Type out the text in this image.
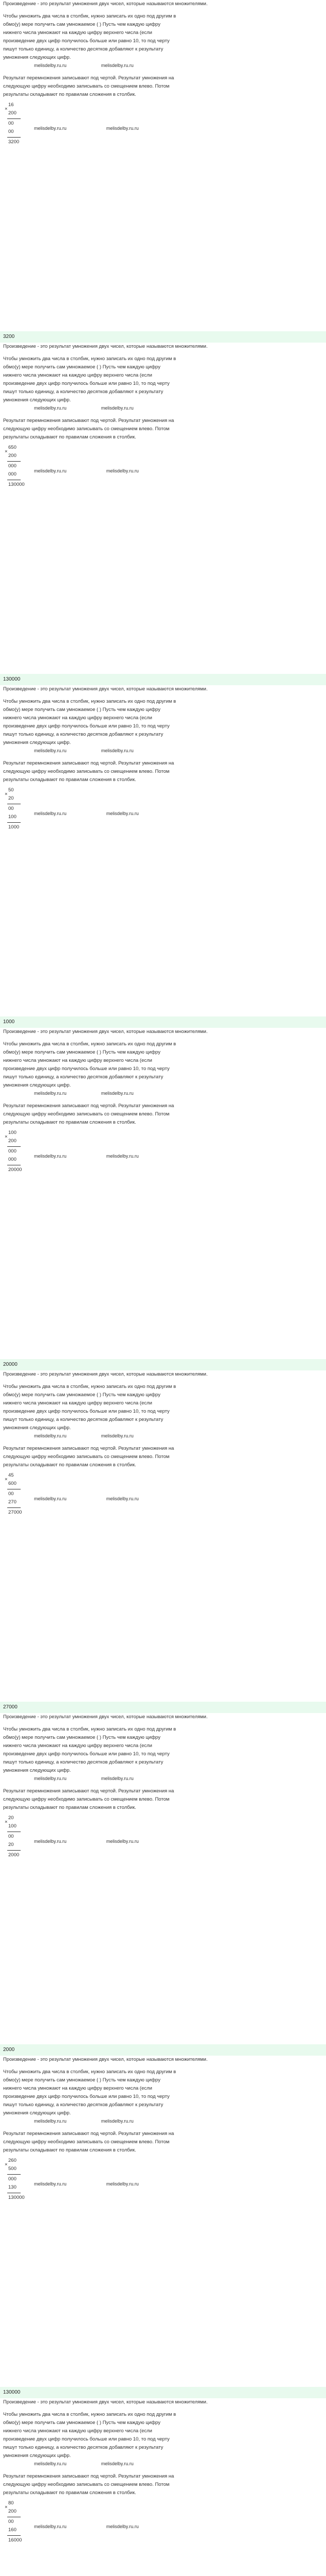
Произведение - это результат умножения двух чисел, которые называются множителями.

Чтобы умножить два числа в столбик, нужно записать их одно под другим в

обмо(у) мере получить сам умножаемое ( ) Пусть чем каждую цифру

нижнего числа умножают на каждую цифру верхнего числа (если

произведение двух цифр получилось больше или равно 10, то под черту

пишут только единицу, а количество десятков добавляют к результату

умножения следующих цифр.

melisdelby.ru.ru	melisdelby.ru.ru

Результат перемножения записывают под чертой. Результат умножения на

следующую цифру необходимо записывать со смещением влево. Потом

результаты складывают по правилам сложения в столбик.

×
16
200
00
00
3200
melisdelby.ru.ru	melisdelby.ru.ru
3200

Произведение - это результат умножения двух чисел, которые называются множителями.

Чтобы умножить два числа в столбик, нужно записать их одно под другим в

обмо(у) мере получить сам умножаемое ( ) Пусть чем каждую цифру

нижнего числа умножают на каждую цифру верхнего числа (если

произведение двух цифр получилось больше или равно 10, то под черту

пишут только единицу, а количество десятков добавляют к результату

умножения следующих цифр.

melisdelby.ru.ru	melisdelby.ru.ru

Результат перемножения записывают под чертой. Результат умножения на

следующую цифру необходимо записывать со смещением влево. Потом

результаты складывают по правилам сложения в столбик.

×
650
200
000
000
130000
melisdelby.ru.ru	melisdelby.ru.ru
130000

Произведение - это результат умножения двух чисел, которые называются множителями.

Чтобы умножить два числа в столбик, нужно записать их одно под другим в

обмо(у) мере получить сам умножаемое ( ) Пусть чем каждую цифру

нижнего числа умножают на каждую цифру верхнего числа (если

произведение двух цифр получилось больше или равно 10, то под черту

пишут только единицу, а количество десятков добавляют к результату

умножения следующих цифр.

melisdelby.ru.ru	melisdelby.ru.ru

Результат перемножения записывают под чертой. Результат умножения на

следующую цифру необходимо записывать со смещением влево. Потом

результаты складывают по правилам сложения в столбик.

×
50
20
00
100
1000
melisdelby.ru.ru	melisdelby.ru.ru
1000

Произведение - это результат умножения двух чисел, которые называются множителями.

Чтобы умножить два числа в столбик, нужно записать их одно под другим в

обмо(у) мере получить сам умножаемое ( ) Пусть чем каждую цифру

нижнего числа умножают на каждую цифру верхнего числа (если

произведение двух цифр получилось больше или равно 10, то под черту

пишут только единицу, а количество десятков добавляют к результату

умножения следующих цифр.

melisdelby.ru.ru	melisdelby.ru.ru

Результат перемножения записывают под чертой. Результат умножения на

следующую цифру необходимо записывать со смещением влево. Потом

результаты складывают по правилам сложения в столбик.

×
100
200
000
000
20000
melisdelby.ru.ru	melisdelby.ru.ru
20000

Произведение - это результат умножения двух чисел, которые называются множителями.

Чтобы умножить два числа в столбик, нужно записать их одно под другим в

обмо(у) мере получить сам умножаемое ( ) Пусть чем каждую цифру

нижнего числа умножают на каждую цифру верхнего числа (если

произведение двух цифр получилось больше или равно 10, то под черту

пишут только единицу, а количество десятков добавляют к результату

умножения следующих цифр.

melisdelby.ru.ru	melisdelby.ru.ru

Результат перемножения записывают под чертой. Результат умножения на

следующую цифру необходимо записывать со смещением влево. Потом

результаты складывают по правилам сложения в столбик.

×
45
600
00
270
27000
melisdelby.ru.ru	melisdelby.ru.ru
27000

Произведение - это результат умножения двух чисел, которые называются множителями.

Чтобы умножить два числа в столбик, нужно записать их одно под другим в

обмо(у) мере получить сам умножаемое ( ) Пусть чем каждую цифру

нижнего числа умножают на каждую цифру верхнего числа (если

произведение двух цифр получилось больше или равно 10, то под черту

пишут только единицу, а количество десятков добавляют к результату

умножения следующих цифр.

melisdelby.ru.ru	melisdelby.ru.ru

Результат перемножения записывают под чертой. Результат умножения на

следующую цифру необходимо записывать со смещением влево. Потом

результаты складывают по правилам сложения в столбик.

×
20
100
00
20
2000
melisdelby.ru.ru	melisdelby.ru.ru
2000

Произведение - это результат умножения двух чисел, которые называются множителями.

Чтобы умножить два числа в столбик, нужно записать их одно под другим в

обмо(у) мере получить сам умножаемое ( ) Пусть чем каждую цифру

нижнего числа умножают на каждую цифру верхнего числа (если

произведение двух цифр получилось больше или равно 10, то под черту

пишут только единицу, а количество десятков добавляют к результату

умножения следующих цифр.

melisdelby.ru.ru	melisdelby.ru.ru

Результат перемножения записывают под чертой. Результат умножения на

следующую цифру необходимо записывать со смещением влево. Потом

результаты складывают по правилам сложения в столбик.

×
260
500
000
130
130000
melisdelby.ru.ru	melisdelby.ru.ru
130000

Произведение - это результат умножения двух чисел, которые называются множителями.

Чтобы умножить два числа в столбик, нужно записать их одно под другим в

обмо(у) мере получить сам умножаемое ( ) Пусть чем каждую цифру

нижнего числа умножают на каждую цифру верхнего числа (если

произведение двух цифр получилось больше или равно 10, то под черту

пишут только единицу, а количество десятков добавляют к результату

умножения следующих цифр.

melisdelby.ru.ru	melisdelby.ru.ru

Результат перемножения записывают под чертой. Результат умножения на

следующую цифру необходимо записывать со смещением влево. Потом

результаты складывают по правилам сложения в столбик.

×
80
200
00
160
16000
melisdelby.ru.ru	melisdelby.ru.ru
